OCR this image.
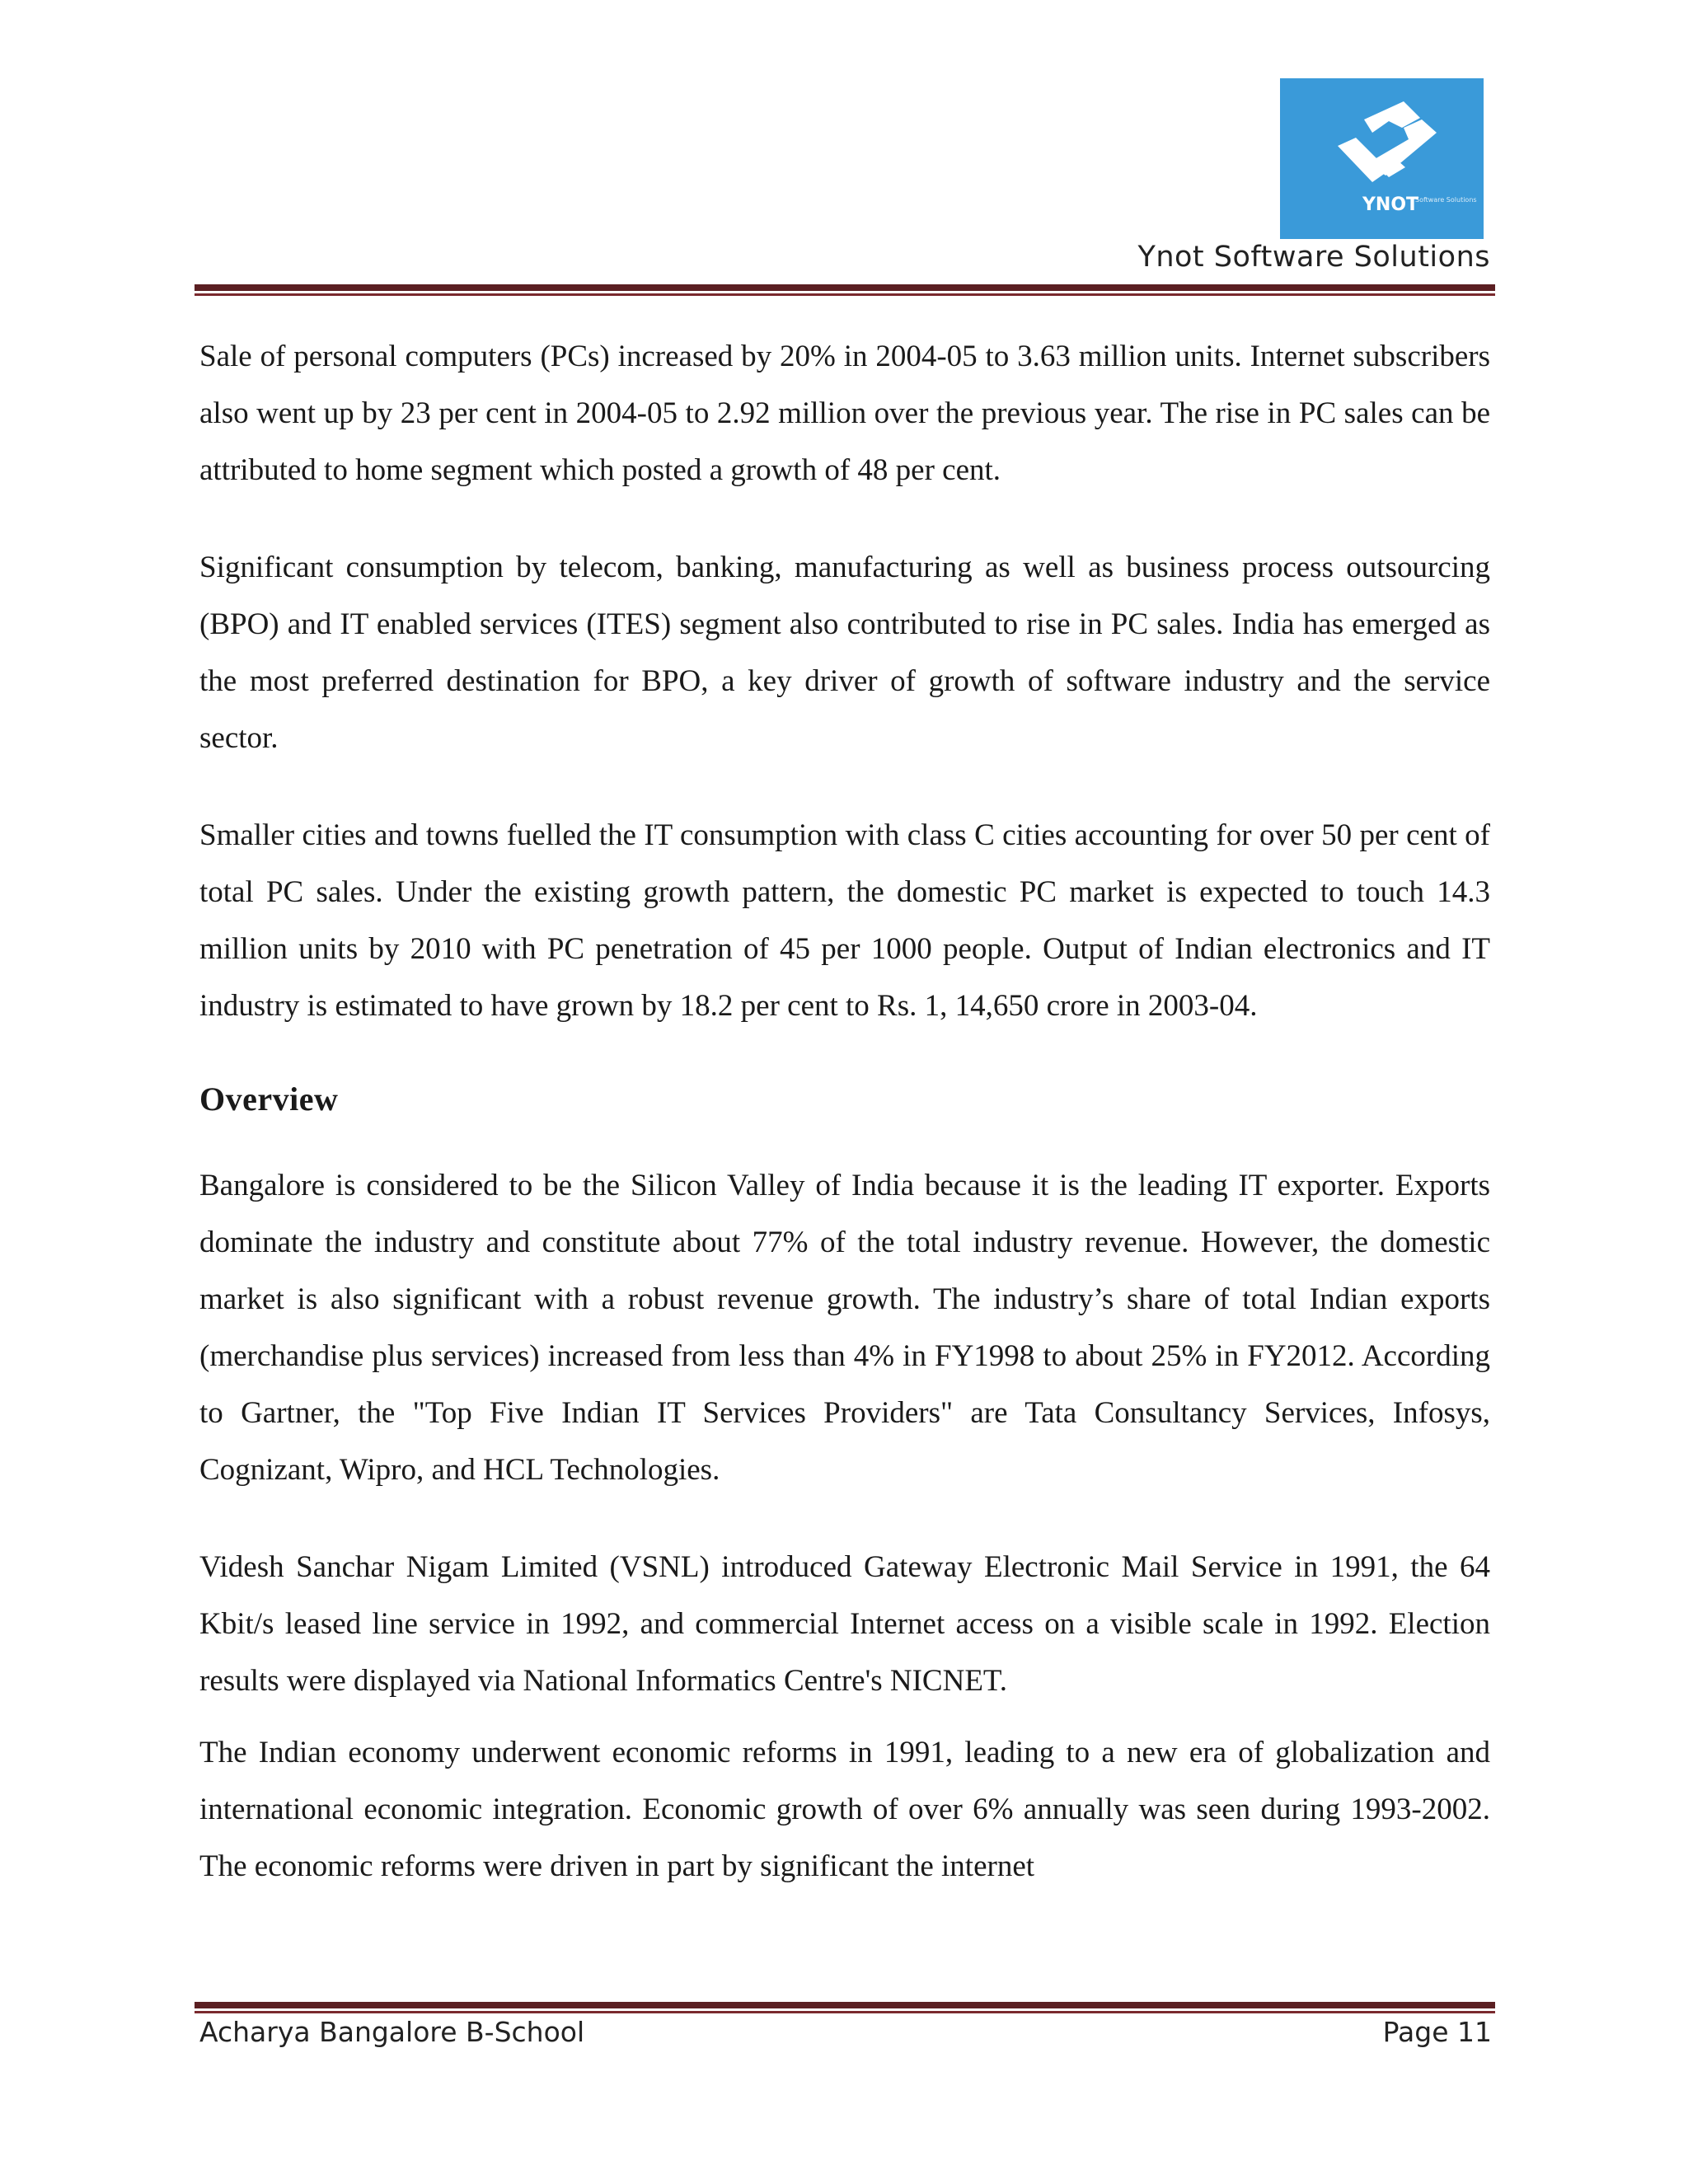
YNOT
Software Solutions
Ynot Software Solutions

Sale of personal computers (PCs) increased by 20% in 2004-05 to 3.63 million units. Internet subscribers also went up by 23 per cent in 2004-05 to 2.92 million over the previous year. The rise in PC sales can be attributed to home segment which posted a growth of 48 per cent.

Significant consumption by telecom, banking, manufacturing as well as business process outsourcing (BPO) and IT enabled services (ITES) segment also contributed to rise in PC sales. India has emerged as the most preferred destination for BPO, a key driver of growth of software industry and the service sector.

Smaller cities and towns fuelled the IT consumption with class C cities accounting for over 50 per cent of total PC sales. Under the existing growth pattern, the domestic PC market is expected to touch 14.3 million units by 2010 with PC penetration of 45 per 1000 people. Output of Indian electronics and IT industry is estimated to have grown by 18.2 per cent to Rs. 1, 14,650 crore in 2003-04.

Overview

Bangalore is considered to be the Silicon Valley of India because it is the leading IT exporter. Exports dominate the industry and constitute about 77% of the total industry revenue. However, the domestic market is also significant with a robust revenue growth. The industry’s share of total Indian exports (merchandise plus services) increased from less than 4% in FY1998 to about 25% in FY2012. According to Gartner, the "Top Five Indian IT Services Providers" are Tata Consultancy Services, Infosys, Cognizant, Wipro, and HCL Technologies.

Videsh Sanchar Nigam Limited (VSNL) introduced Gateway Electronic Mail Service in 1991, the 64 Kbit/s leased line service in 1992, and commercial Internet access on a visible scale in 1992. Election results were displayed via National Informatics Centre's NICNET.

The Indian economy underwent economic reforms in 1991, leading to a new era of globalization and international economic integration. Economic growth of over 6% annually was seen during 1993-2002. The economic reforms were driven in part by significant the internet

Acharya Bangalore B-School	Page 11
